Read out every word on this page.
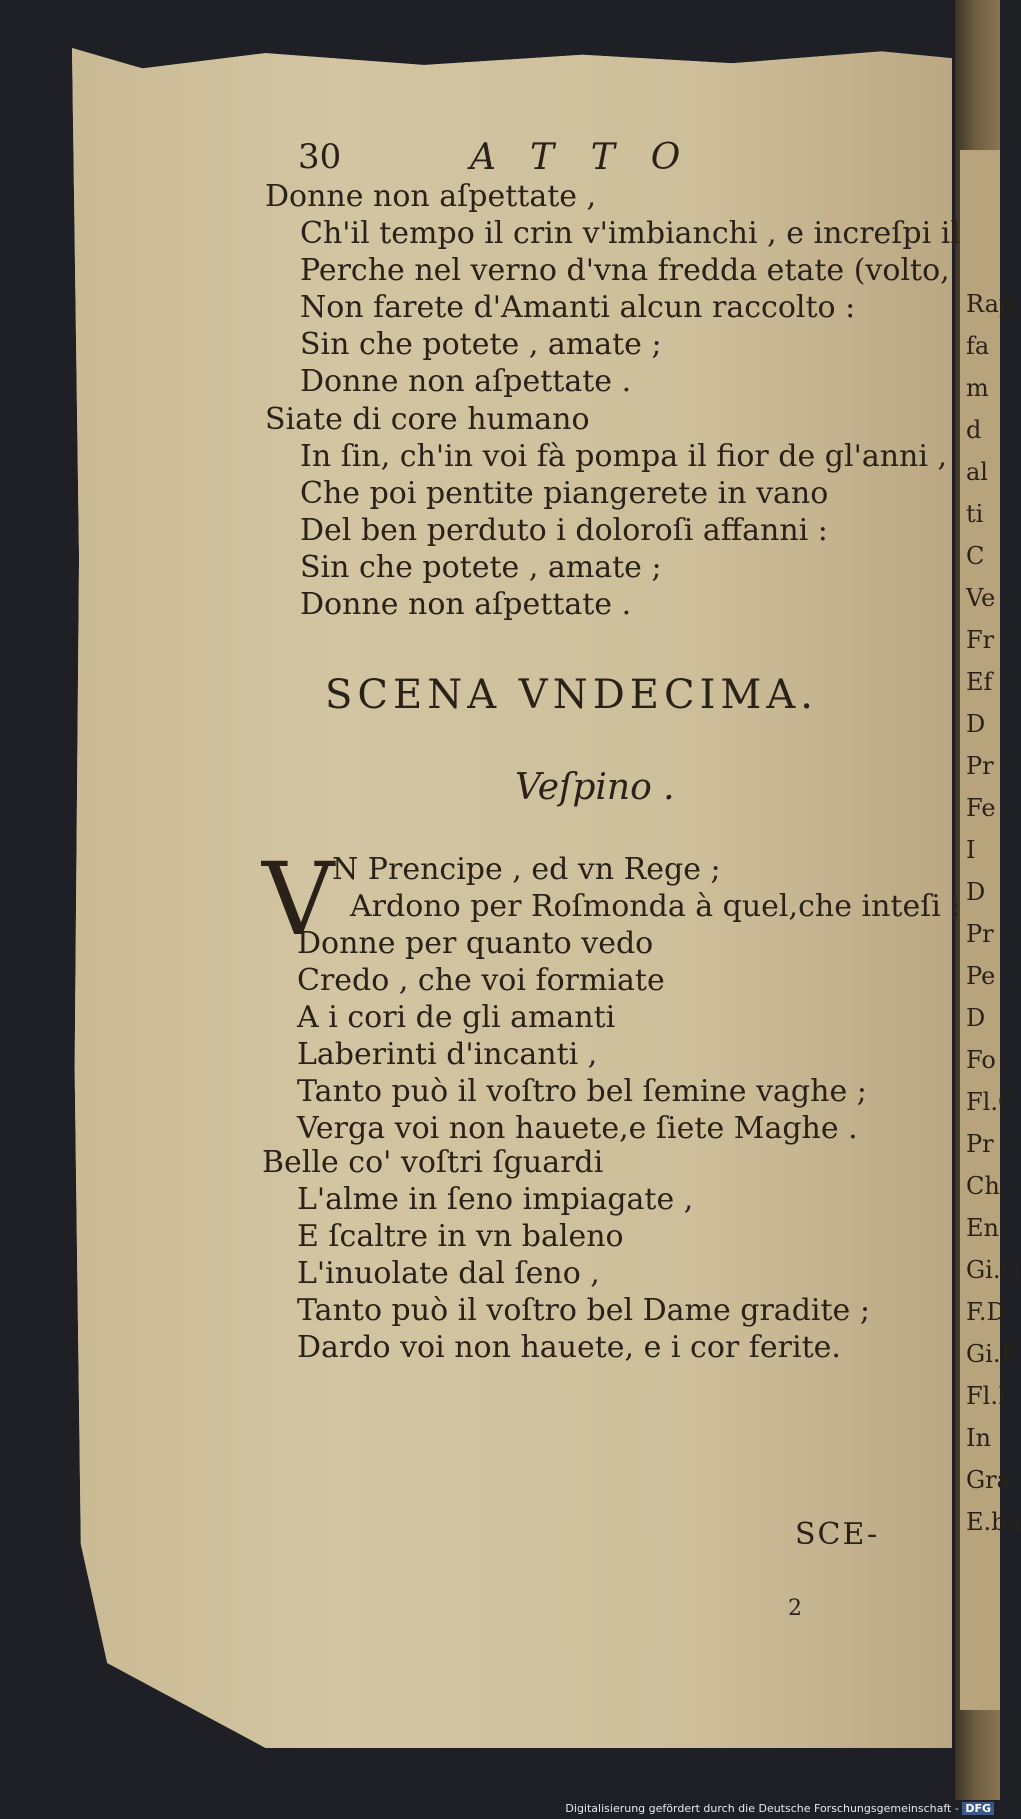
Rap
fa
m
d
al
ti
C
Ve
Fr
Ef
D
Pr
Fe
I
D
Pr
Pe
D
Fo
Fl.C
Pr
Ch
En
Gi.O
F.D
Gi.F
Fl.L
In
Gra
E.ba
30	ATTO
Donne non aſpettate ,
Ch'il tempo il crin v'imbianchi , e increſpi il
Perche nel verno d'vna fredda etate (volto,
Non farete d'Amanti alcun raccolto :
Sin che potete , amate ;
Donne non aſpettate .
Siate di core humano
In ſin, ch'in voi fà pompa il fior de gl'anni ,
Che poi pentite piangerete in vano
Del ben perduto i doloroſi affanni :
Sin che potete , amate ;
Donne non aſpettate .
SCENA VNDECIMA.
Veſpino .
V
N Prencipe , ed vn Rege ;
Ardono per Roſmonda à quel,che inteſi :
Donne per quanto vedo
Credo , che voi formiate
A i cori de gli amanti
Laberinti d'incanti ,
Tanto può il voſtro bel ſemine vaghe ;
Verga voi non hauete,e ſiete Maghe .
Belle co' voſtri ſguardi
L'alme in ſeno impiagate ,
E ſcaltre in vn baleno
L'inuolate dal ſeno ,
Tanto può il voſtro bel Dame gradite ;
Dardo voi non hauete, e i cor ferite.
SCE-
2
Digitalisierung gefördert durch die Deutsche Forschungsgemeinschaft - DFG
